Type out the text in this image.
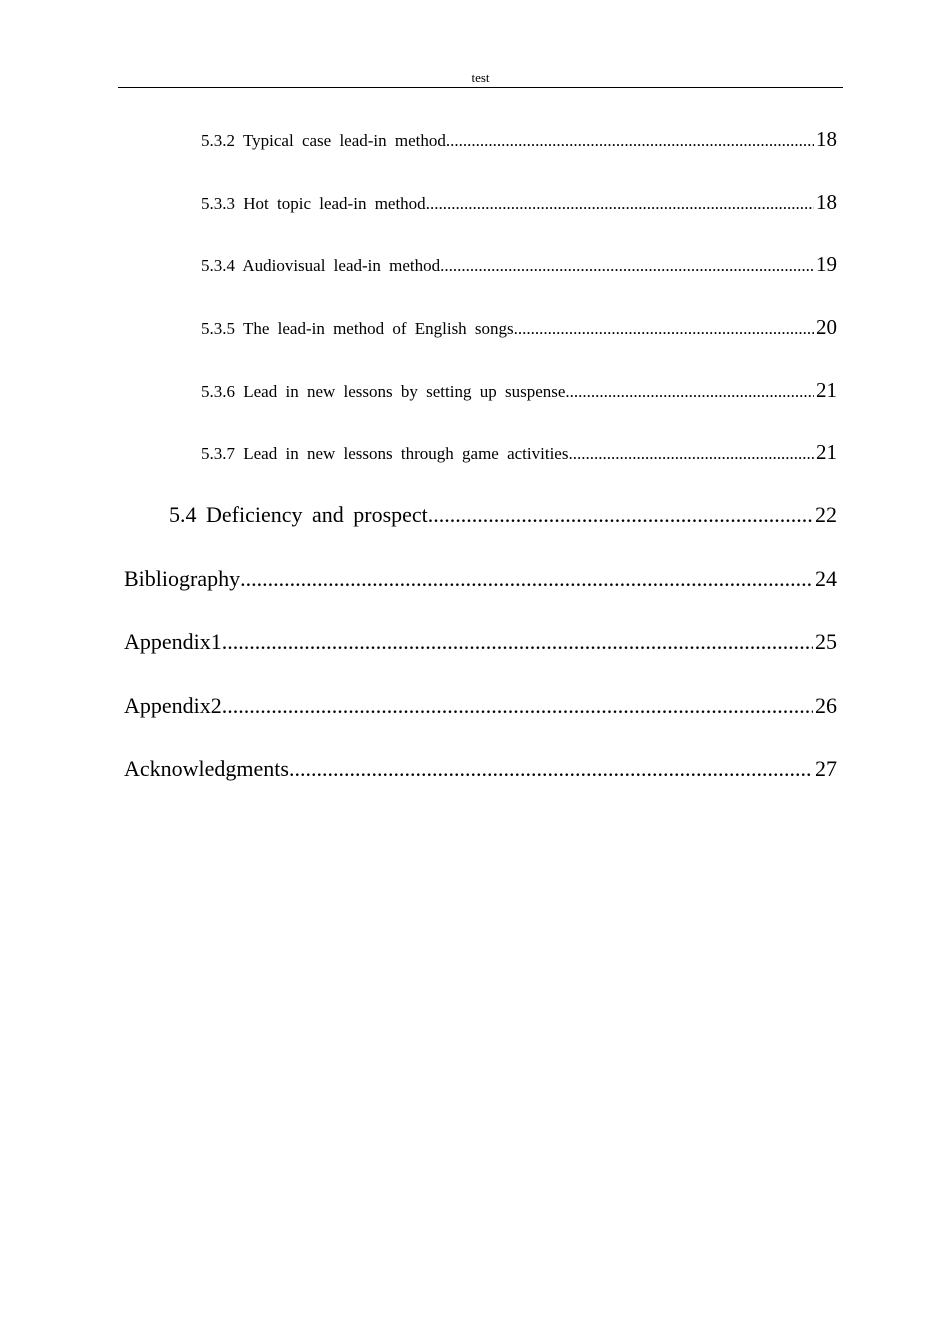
test
5.3.2 Typical case lead-in method .....	18
5.3.3 Hot topic lead-in method .....	18
5.3.4 Audiovisual lead-in method .....	19
5.3.5 The lead-in method of English songs .....	20
5.3.6 Lead in new lessons by setting up suspense .....	21
5.3.7 Lead in new lessons through game activities .....	21
5.4 Deficiency and prospect .....	22
Bibliography .....	24
Appendix1 .....	25
Appendix2 .....	26
Acknowledgments .....	27
